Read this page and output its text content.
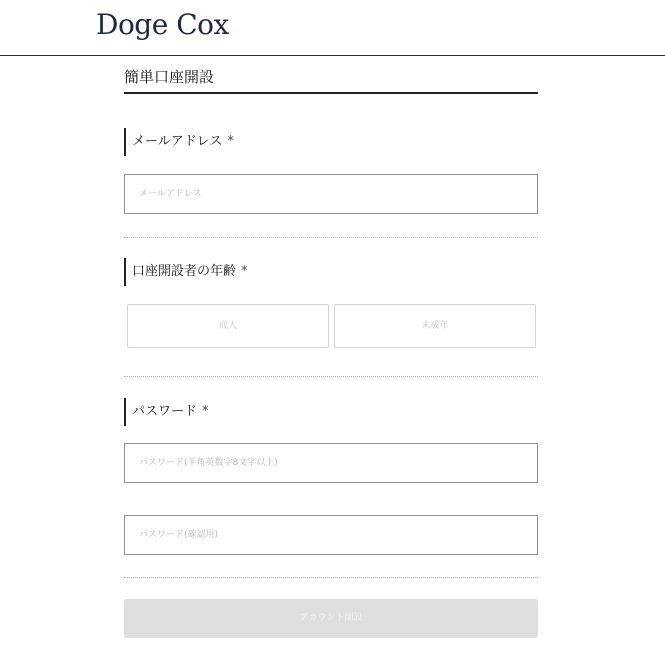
Doge Cox
簡単口座開設
メールアドレス *
メールアドレス
口座開設者の年齢 *
成人	未成年
パスワード *
アカウント開設
